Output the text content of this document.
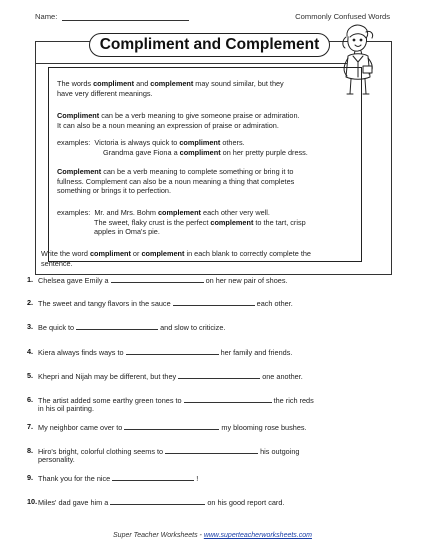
Name:	Commonly Confused Words
Compliment and Complement
The words compliment and complement may sound similar, but they
have very different meanings.
Compliment can be a verb meaning to give someone praise or admiration.
It can also be a noun meaning an expression of praise or admiration.
examples: Victoria is always quick to compliment others.
Grandma gave Fiona a compliment on her pretty purple dress.
Complement can be a verb meaning to complete something or bring it to
fullness. Complement can also be a noun meaning a thing that completes
something or brings it to perfection.
examples: Mr. and Mrs. Bohm complement each other very well.
The sweet, flaky crust is the perfect complement to the tart, crisp
apples in Oma's pie.
Write the word compliment or complement in each blank to correctly complete the
sentence.
1. Chelsea gave Emily a	on her new pair of shoes.
2. The sweet and tangy flavors in the sauce	each other.
3. Be quick to	and slow to criticize.
4. Kiera always finds ways to	her family and friends.
5. Khepri and Nijah may be different, but they	one another.
6. The artist added some earthy green tones to	the rich reds
in his oil painting.
7. My neighbor came over to	my blooming rose bushes.
8. Hiro's bright, colorful clothing seems to	his outgoing
personality.
9. Thank you for the nice	!
10. Miles' dad gave him a	on his good report card.
Super Teacher Worksheets - www.superteacherworksheets.com
